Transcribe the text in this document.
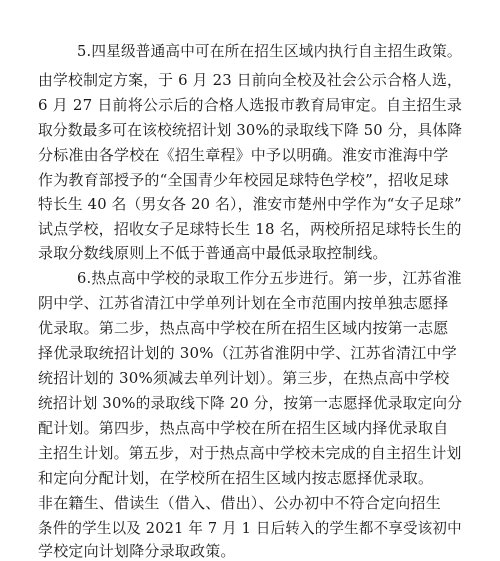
5.四星级普通高中可在所在招生区域内执行自主招生政策。
由学校制定方案，于 6 月 23 日前向全校及社会公示合格人选，
6 月 27 日前将公示后的合格人选报市教育局审定。自主招生录
取分数最多可在该校统招计划 30%的录取线下降 50 分，具体降
分标准由各学校在《招生章程》中予以明确。淮安市淮海中学
作为教育部授予的“全国青少年校园足球特色学校”，招收足球
特长生 40 名（男女各 20 名），淮安市楚州中学作为“女子足球”
试点学校，招收女子足球特长生 18 名，两校所招足球特长生的
录取分数线原则上不低于普通高中最低录取控制线。
6.热点高中学校的录取工作分五步进行。第一步，江苏省淮
阴中学、江苏省清江中学单列计划在全市范围内按单独志愿择
优录取。第二步，热点高中学校在所在招生区域内按第一志愿
择优录取统招计划的 30%（江苏省淮阴中学、江苏省清江中学
统招计划的 30%须减去单列计划）。第三步，在热点高中学校
统招计划 30%的录取线下降 20 分，按第一志愿择优录取定向分
配计划。第四步，热点高中学校在所在招生区域内择优录取自
主招生计划。第五步，对于热点高中学校未完成的自主招生计划
和定向分配计划，在学校所在招生区域内按志愿择优录取。
非在籍生、借读生（借入、借出）、公办初中不符合定向招生
条件的学生以及 2021 年 7 月 1 日后转入的学生都不享受该初中
学校定向计划降分录取政策。
